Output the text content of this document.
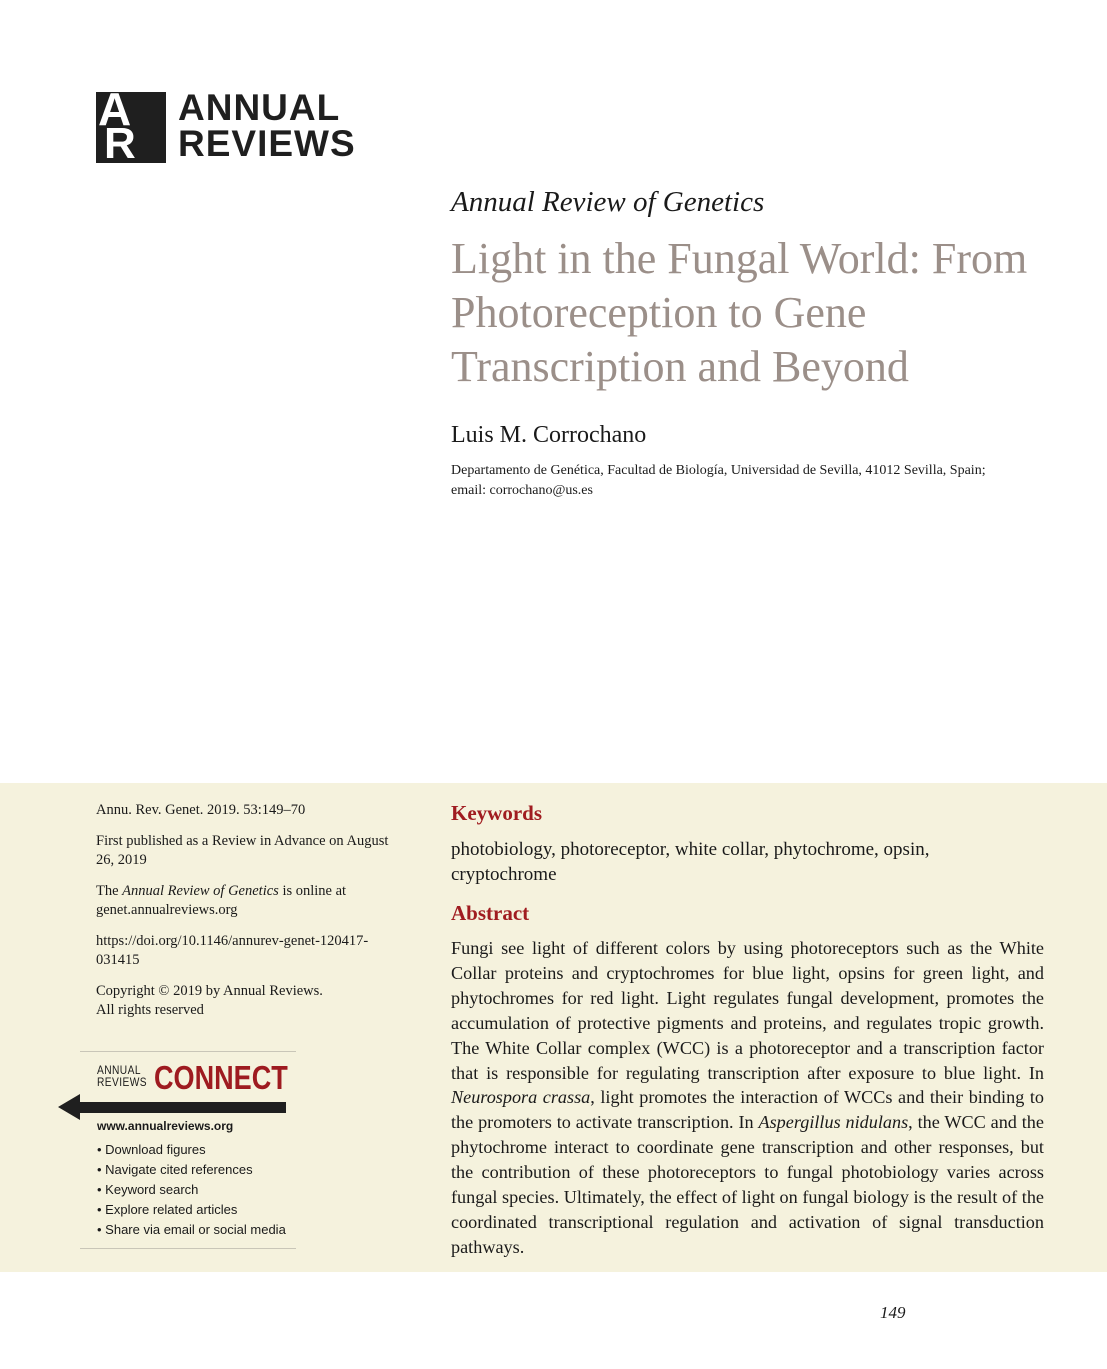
A
R
ANNUAL
REVIEWS
Annual Review of Genetics
Light in the Fungal World: From Photoreception to Gene Transcription and Beyond
Luis M. Corrochano
Departamento de Genética, Facultad de Biología, Universidad de Sevilla, 41012 Sevilla, Spain;
email: corrochano@us.es

Annu. Rev. Genet. 2019. 53:149–70

First published as a Review in Advance on August 26, 2019

The Annual Review of Genetics is online at genet.annualreviews.org

https://doi.org/10.1146/annurev-genet-120417-031415

Copyright © 2019 by Annual Reviews.
All rights reserved

ANNUAL
REVIEWS CONNECT
www.annualreviews.org
• Download figures
• Navigate cited references
• Keyword search
• Explore related articles
• Share via email or social media
Keywords
photobiology, photoreceptor, white collar, phytochrome, opsin, cryptochrome
Abstract

Fungi see light of different colors by using photoreceptors such as the White Collar proteins and cryptochromes for blue light, opsins for green light, and phytochromes for red light. Light regulates fungal development, promotes the accumulation of protective pigments and proteins, and regulates tropic growth. The White Collar complex (WCC) is a photoreceptor and a transcription factor that is responsible for regulating transcription after exposure to blue light. In Neurospora crassa, light promotes the interaction of WCCs and their binding to the promoters to activate transcription. In Aspergillus nidulans, the WCC and the phytochrome interact to coordinate gene transcription and other responses, but the contribution of these photoreceptors to fungal photobiology varies across fungal species. Ultimately, the effect of light on fungal biology is the result of the coordinated transcriptional regulation and activation of signal transduction pathways.

149
